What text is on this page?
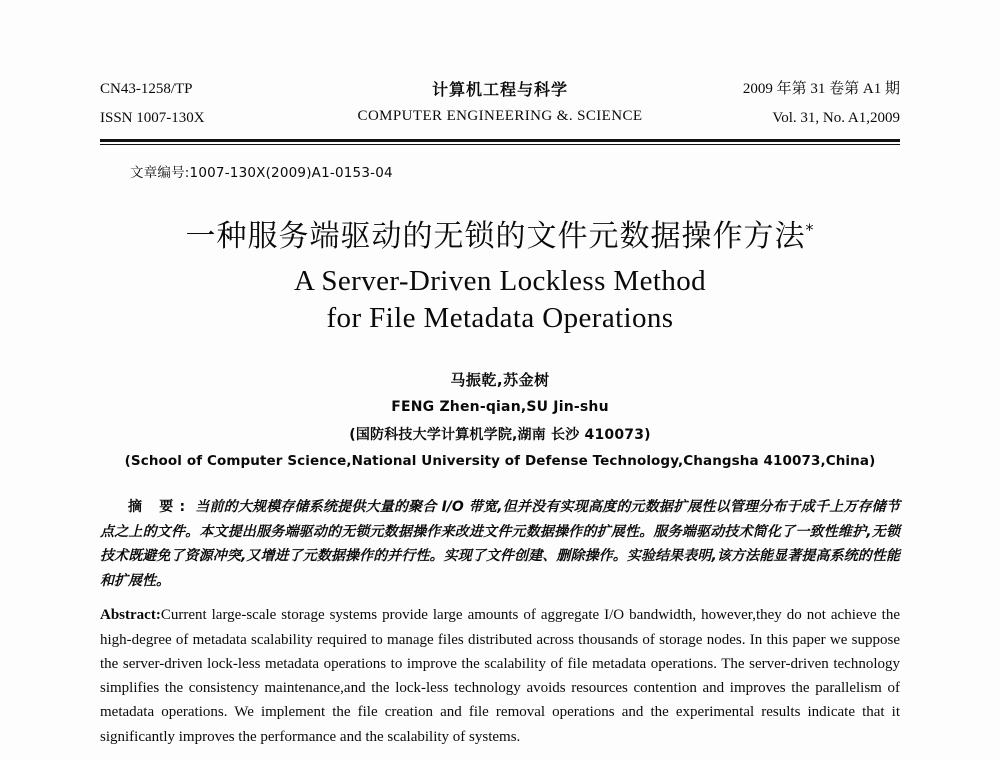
CN43-1258/TP
ISSN 1007-130X
计算机工程与科学
COMPUTER ENGINEERING &. SCIENCE
2009 年第 31 卷第 A1 期
Vol. 31, No. A1,2009
文章编号:1007-130X(2009)A1-0153-04
一种服务端驱动的无锁的文件元数据操作方法*
A Server-Driven Lockless Method
for File Metadata Operations
马振乾,苏金树
FENG Zhen-qian,SU Jin-shu
(国防科技大学计算机学院,湖南 长沙 410073)
(School of Computer Science,National University of Defense Technology,Changsha 410073,China)
摘 要: 当前的大规模存储系统提供大量的聚合 I/O 带宽,但并没有实现高度的元数据扩展性以管理分布于成千上万存储节点之上的文件。本文提出服务端驱动的无锁元数据操作来改进文件元数据操作的扩展性。服务端驱动技术简化了一致性维护,无锁技术既避免了资源冲突,又增进了元数据操作的并行性。实现了文件创建、删除操作。实验结果表明,该方法能显著提高系统的性能和扩展性。
Abstract:Current large-scale storage systems provide large amounts of aggregate I/O bandwidth, however,they do not achieve the high-degree of metadata scalability required to manage files distributed across thousands of storage nodes. In this paper we suppose the server-driven lock-less metadata operations to improve the scalability of file metadata operations. The server-driven technology simplifies the consistency maintenance,and the lock-less technology avoids resources contention and improves the parallelism of metadata operations. We implement the file creation and file removal operations and the experimental results indicate that it significantly improves the performance and the scalability of systems.
